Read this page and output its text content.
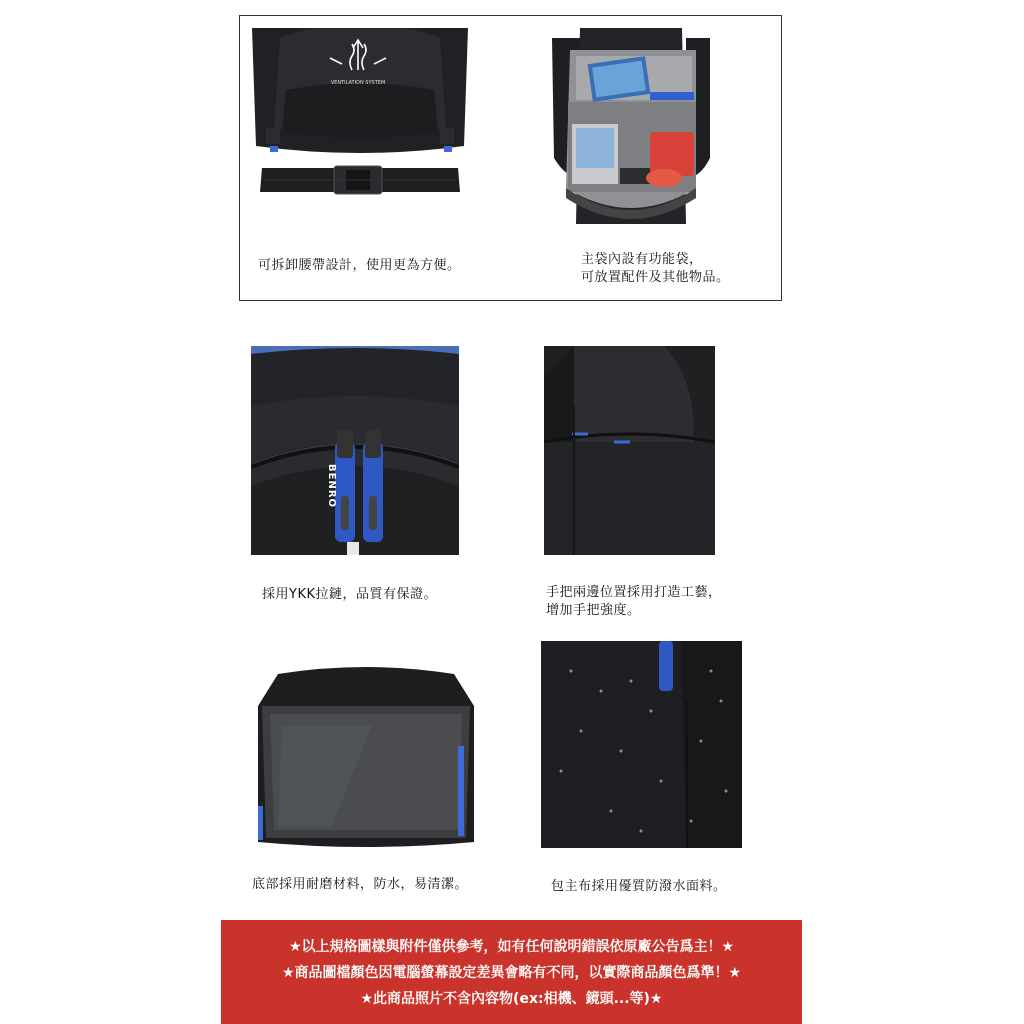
VENTILATION SYSTEM
可拆卸腰帶設計，使用更為方便。	主袋內設有功能袋，
可放置配件及其他物品。
BENRO
採用YKK拉鏈，品質有保證。	手把兩邊位置採用打造工藝，
增加手把強度。
底部採用耐磨材料，防水，易清潔。	包主布採用優質防潑水面料。
★以上規格圖樣與附件僅供參考，如有任何說明錯誤依原廠公告爲主！★
★商品圖檔顏色因電腦螢幕設定差異會略有不同，以實際商品顏色爲準！★
★此商品照片不含內容物(ex:相機、鏡頭...等)★
